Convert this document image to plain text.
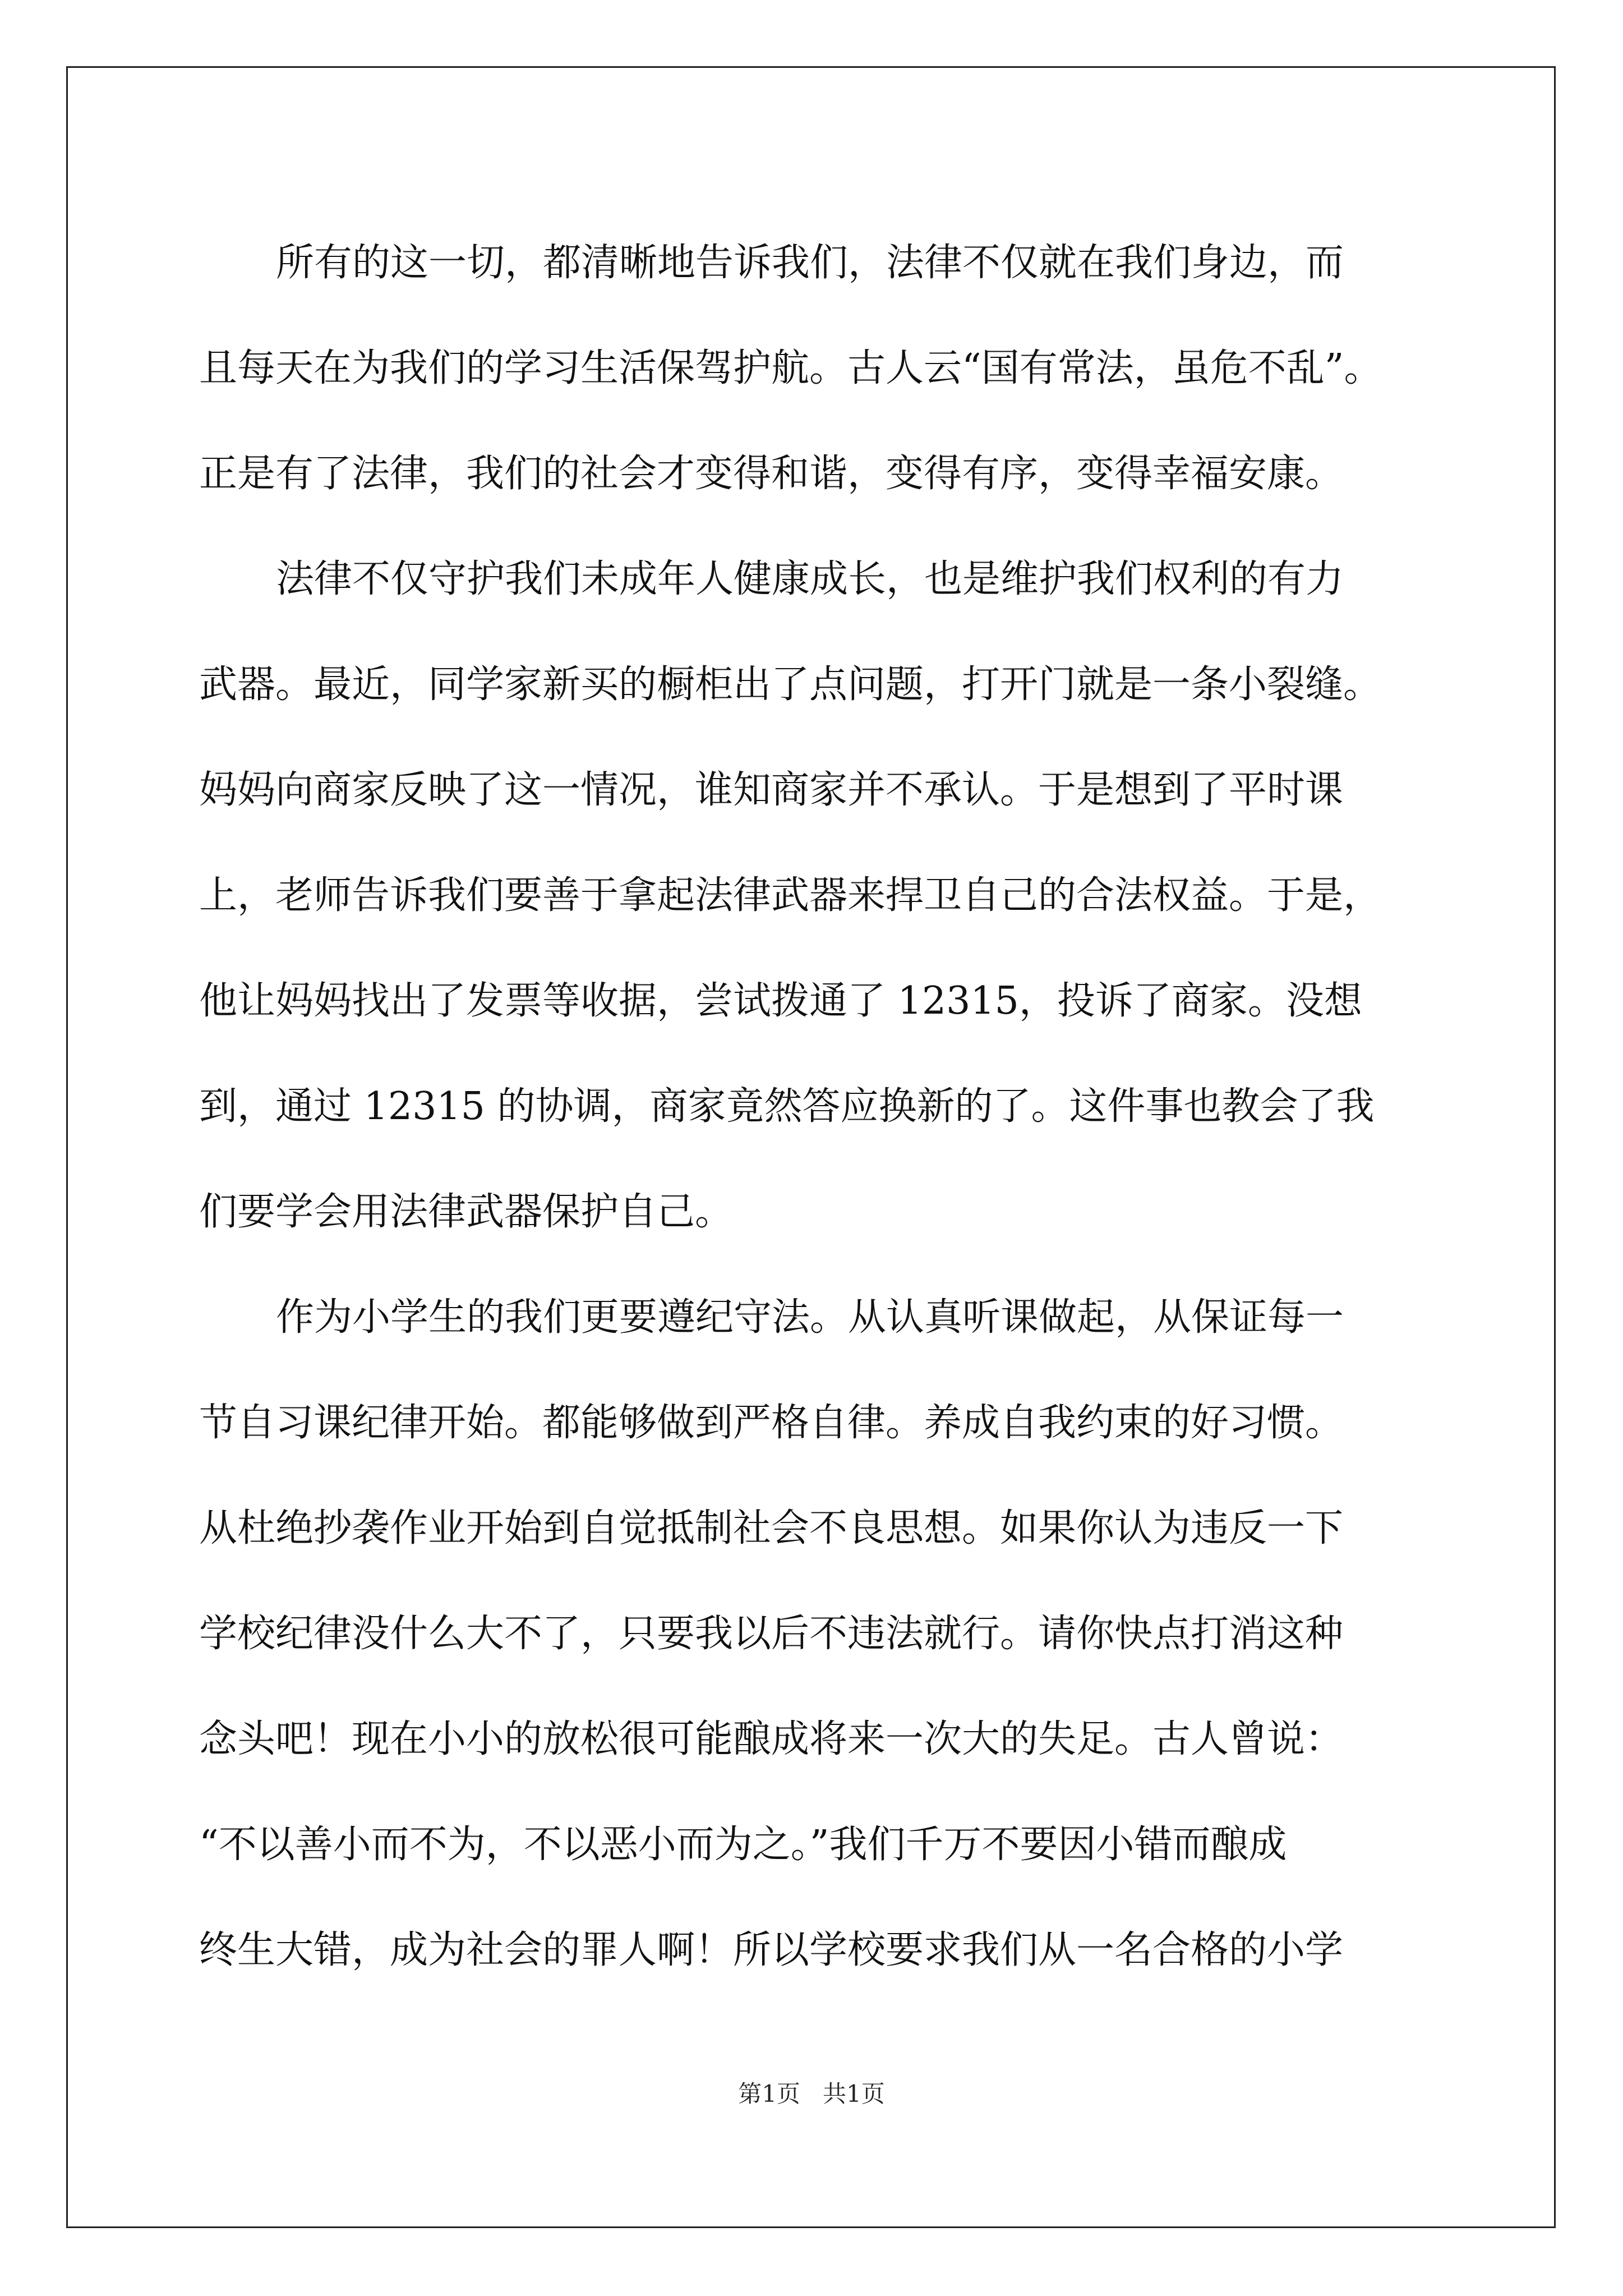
所有的这一切，都清晰地告诉我们，法律不仅就在我们身边，而
且每天在为我们的学习生活保驾护航。古人云“国有常法，虽危不乱”。
正是有了法律，我们的社会才变得和谐，变得有序，变得幸福安康。
法律不仅守护我们未成年人健康成长，也是维护我们权利的有力
武器。最近，同学家新买的橱柜出了点问题，打开门就是一条小裂缝。
妈妈向商家反映了这一情况，谁知商家并不承认。于是想到了平时课
上，老师告诉我们要善于拿起法律武器来捍卫自己的合法权益。于是，
他让妈妈找出了发票等收据，尝试拨通了 12315，投诉了商家。没想
到，通过 12315 的协调，商家竟然答应换新的了。这件事也教会了我
们要学会用法律武器保护自己。
作为小学生的我们更要遵纪守法。从认真听课做起，从保证每一
节自习课纪律开始。都能够做到严格自律。养成自我约束的好习惯。
从杜绝抄袭作业开始到自觉抵制社会不良思想。如果你认为违反一下
学校纪律没什么大不了，只要我以后不违法就行。请你快点打消这种
念头吧！现在小小的放松很可能酿成将来一次大的失足。古人曾说：
“不以善小而不为，不以恶小而为之。”我们千万不要因小错而酿成
终生大错，成为社会的罪人啊！所以学校要求我们从一名合格的小学
第1页   共1页
